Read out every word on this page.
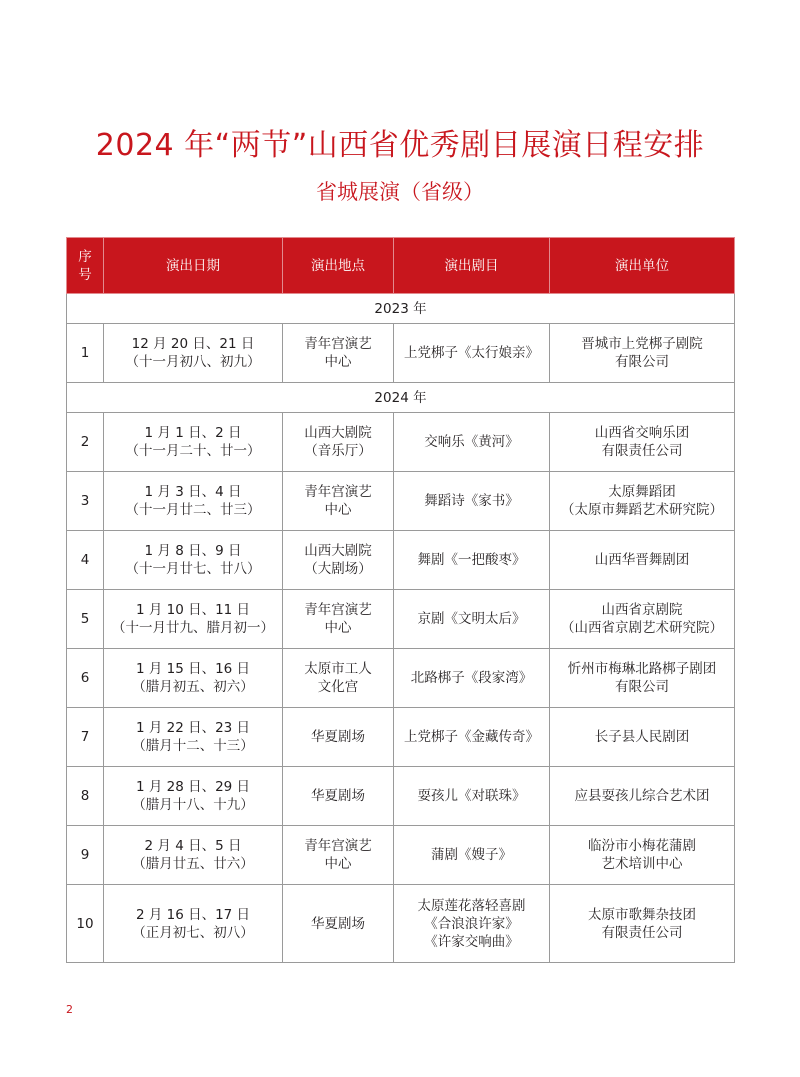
2024 年“两节”山西省优秀剧目展演日程安排
省城展演（省级）
序
号	演出日期	演出地点	演出剧目	演出单位
2023 年				
1	12 月 20 日、21 日
（十一月初八、初九）	青年宫演艺
中心	上党梆子《太行娘亲》	晋城市上党梆子剧院
有限公司

2024 年				
2	1 月 1 日、2 日
（十一月二十、廿一）	山西大剧院
（音乐厅）	交响乐《黄河》	山西省交响乐团
有限责任公司

3	1 月 3 日、4 日
（十一月廿二、廿三）	青年宫演艺
中心	舞蹈诗《家书》	太原舞蹈团
（太原市舞蹈艺术研究院）

4	1 月 8 日、9 日
（十一月廿七、廿八）	山西大剧院
（大剧场）	舞剧《一把酸枣》	山西华晋舞剧团

5	1 月 10 日、11 日
（十一月廿九、腊月初一）	青年宫演艺
中心	京剧《文明太后》	山西省京剧院
（山西省京剧艺术研究院）

6	1 月 15 日、16 日
（腊月初五、初六）	太原市工人
文化宫	北路梆子《段家湾》	忻州市梅琳北路梆子剧团
有限公司

7	1 月 22 日、23 日
（腊月十二、十三）	华夏剧场	上党梆子《金藏传奇》	长子县人民剧团

8	1 月 28 日、29 日
（腊月十八、十九）	华夏剧场	耍孩儿《对联珠》	应县耍孩儿综合艺术团

9	2 月 4 日、5 日
（腊月廿五、廿六）	青年宫演艺
中心	蒲剧《嫂子》	临汾市小梅花蒲剧
艺术培训中心

10	2 月 16 日、17 日
（正月初七、初八）	华夏剧场	太原莲花落轻喜剧
《合浪浪许家》
《许家交响曲》	太原市歌舞杂技团
有限责任公司
2
